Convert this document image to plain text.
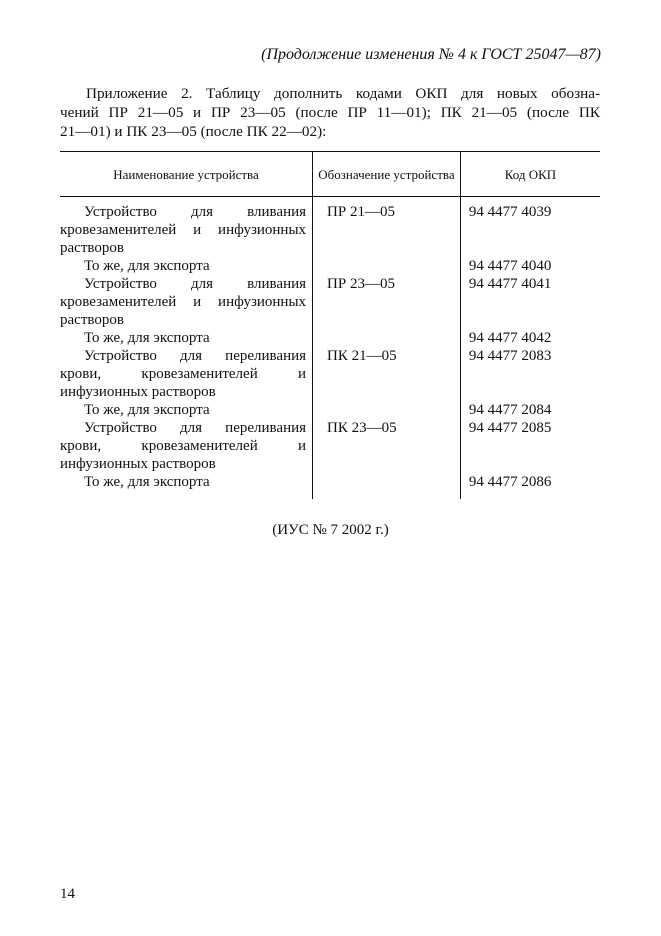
(Продолжение изменения № 4 к ГОСТ 25047—87)
Приложение 2. Таблицу дополнить кодами ОКП для новых обозна-
чений ПР 21—05 и ПР 23—05 (после ПР 11—01); ПК 21—05 (после ПК
21—01) и ПК 23—05 (после ПК 22—02):
Наименование устройства	Обозначение устройства	Код ОКП

Устройство для вливания кровезаменителей и инфузионных растворов	ПР 21—05	94 4477 4039

То же, для экспорта		94 4477 4040

Устройство для вливания кровезаменителей и инфузионных растворов	ПР 23—05	94 4477 4041

То же, для экспорта		94 4477 4042

Устройство для переливания крови, кровезаменителей и инфузионных растворов	ПК 21—05	94 4477 2083

То же, для экспорта		94 4477 2084

Устройство для переливания крови, кровезаменителей и инфузионных растворов	ПК 23—05	94 4477 2085

То же, для экспорта		94 4477 2086
(ИУС № 7 2002 г.)
14
